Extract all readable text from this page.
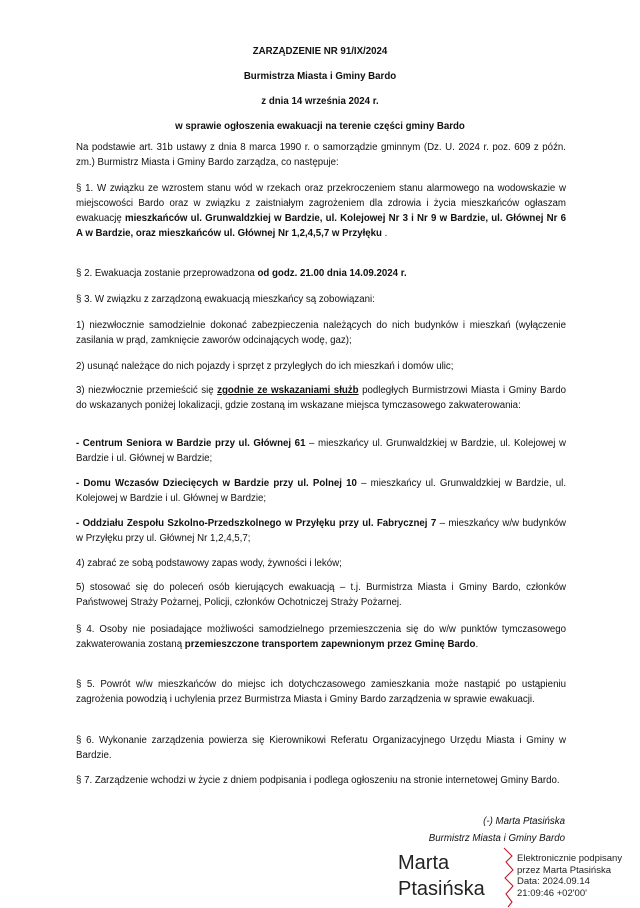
ZARZĄDZENIE NR 91/IX/2024
Burmistrza Miasta i Gminy Bardo
z dnia 14 września 2024 r.
w sprawie ogłoszenia ewakuacji na terenie części gminy Bardo
Na podstawie art. 31b ustawy z dnia 8 marca 1990 r. o samorządzie gminnym (Dz. U. 2024 r. poz. 609 z późn. zm.) Burmistrz Miasta i Gminy Bardo zarządza, co następuje:
§ 1. W związku ze wzrostem stanu wód w rzekach oraz przekroczeniem stanu alarmowego na wodowskazie w miejscowości Bardo oraz w związku z zaistniałym zagrożeniem dla zdrowia i życia mieszkańców ogłaszam ewakuację mieszkańców ul. Grunwaldzkiej w Bardzie, ul. Kolejowej Nr 3 i Nr 9 w Bardzie, ul. Głównej Nr 6 A w Bardzie, oraz mieszkańców ul. Głównej Nr 1,2,4,5,7 w Przyłęku .
§ 2. Ewakuacja zostanie przeprowadzona od godz. 21.00 dnia 14.09.2024 r.
§ 3. W związku z zarządzoną ewakuacją mieszkańcy są zobowiązani:
1) niezwłocznie samodzielnie dokonać zabezpieczenia należących do nich budynków i mieszkań (wyłączenie zasilania w prąd, zamknięcie zaworów odcinających wodę, gaz);
2) usunąć należące do nich pojazdy i sprzęt z przyległych do ich mieszkań i domów ulic;
3) niezwłocznie przemieścić się zgodnie ze wskazaniami służb podległych Burmistrzowi Miasta i Gminy Bardo do wskazanych poniżej lokalizacji, gdzie zostaną im wskazane miejsca tymczasowego zakwaterowania:
- Centrum Seniora w Bardzie przy ul. Głównej 61 – mieszkańcy ul. Grunwaldzkiej w Bardzie, ul. Kolejowej w Bardzie i ul. Głównej w Bardzie;
- Domu Wczasów Dziecięcych w Bardzie przy ul. Polnej 10 – mieszkańcy ul. Grunwaldzkiej w Bardzie, ul. Kolejowej w Bardzie i ul. Głównej w Bardzie;
- Oddziału Zespołu Szkolno-Przedszkolnego w Przyłęku przy ul. Fabrycznej 7 – mieszkańcy w/w budynków w Przyłęku przy ul. Głównej Nr 1,2,4,5,7;
4) zabrać ze sobą podstawowy zapas wody, żywności i leków;
5) stosować się do poleceń osób kierujących ewakuacją – t.j. Burmistrza Miasta i Gminy Bardo, członków Państwowej Straży Pożarnej, Policji, członków Ochotniczej Straży Pożarnej.
§ 4. Osoby nie posiadające możliwości samodzielnego przemieszczenia się do w/w punktów tymczasowego zakwaterowania zostaną przemieszczone transportem zapewnionym przez Gminę Bardo.
§ 5. Powrót w/w mieszkańców do miejsc ich dotychczasowego zamieszkania może nastąpić po ustąpieniu zagrożenia powodzią i uchylenia przez Burmistrza Miasta i Gminy Bardo zarządzenia w sprawie ewakuacji.
§ 6. Wykonanie zarządzenia powierza się Kierownikowi Referatu Organizacyjnego Urzędu Miasta i Gminy w Bardzie.
§ 7. Zarządzenie wchodzi w życie z dniem podpisania i podlega ogłoszeniu na stronie internetowej Gminy Bardo.
(-) Marta Ptasińska
Burmistrz Miasta i Gminy Bardo
Marta
Ptasińska
Elektronicznie podpisany
przez Marta Ptasińska
Data: 2024.09.14
21:09:46 +02'00'
